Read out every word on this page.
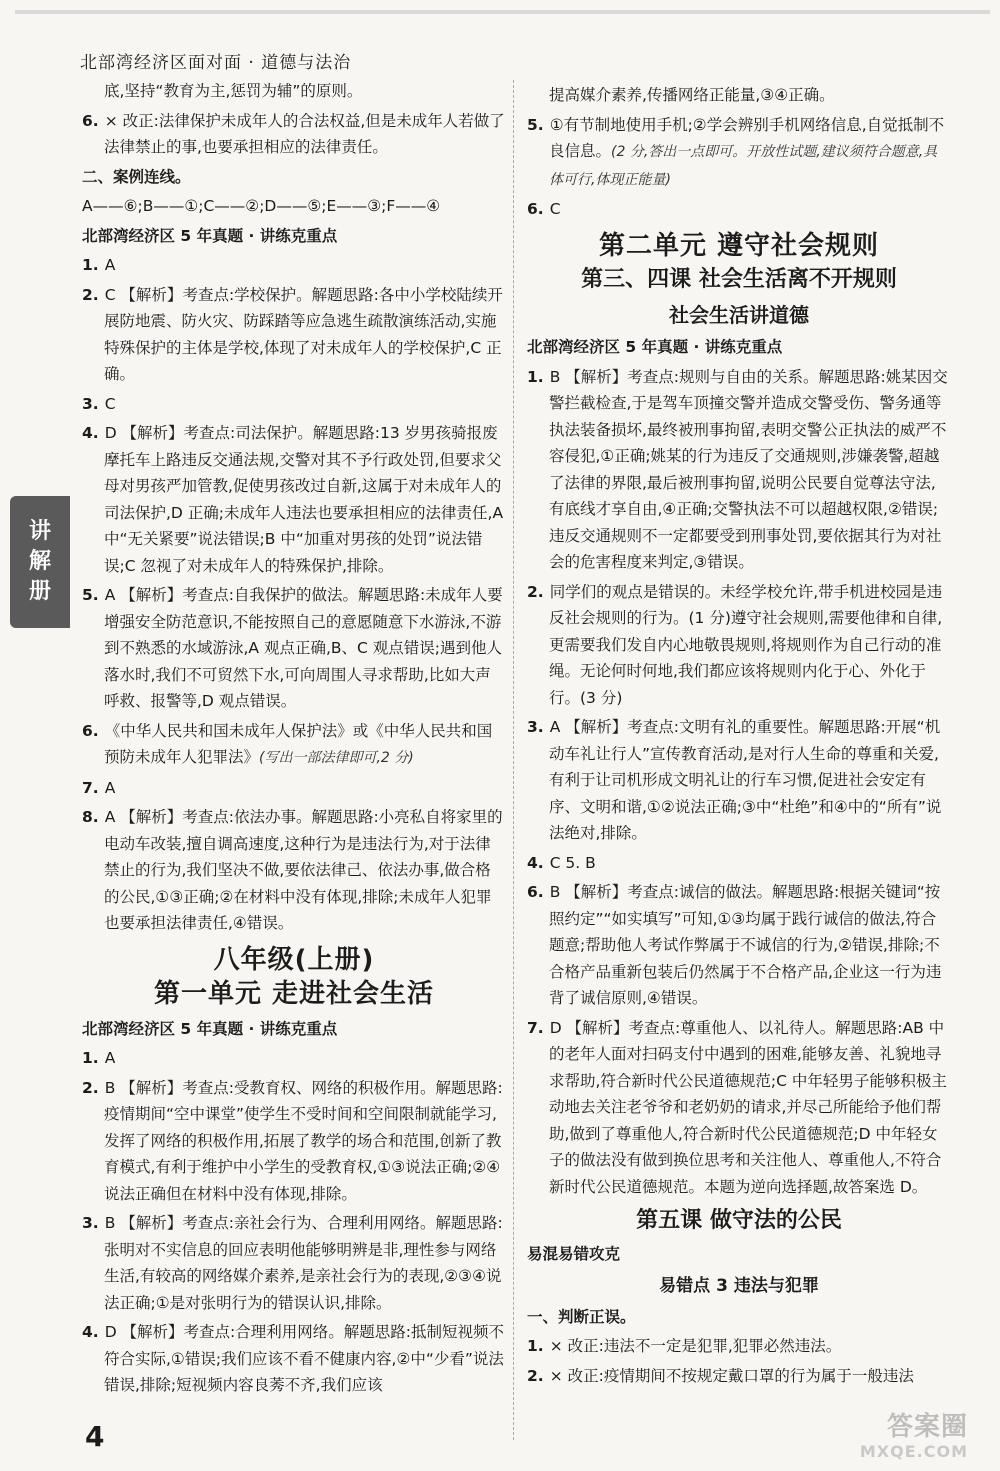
北部湾经济区面对面 · 道德与法治
讲
解
册
底,坚持“教育为主,惩罚为辅”的原则。
6. × 改正:法律保护未成年人的合法权益,但是未成年人若做了法律禁止的事,也要承担相应的法律责任。
二、案例连线。
A——⑥;B——①;C——②;D——⑤;E——③;F——④
北部湾经济区 5 年真题 · 讲练克重点
1. A
2. C 【解析】考查点:学校保护。解题思路:各中小学校陆续开展防地震、防火灾、防踩踏等应急逃生疏散演练活动,实施特殊保护的主体是学校,体现了对未成年人的学校保护,C 正确。
3. C
4. D 【解析】考查点:司法保护。解题思路:13 岁男孩骑报废摩托车上路违反交通法规,交警对其不予行政处罚,但要求父母对男孩严加管教,促使男孩改过自新,这属于对未成年人的司法保护,D 正确;未成年人违法也要承担相应的法律责任,A 中“无关紧要”说法错误;B 中“加重对男孩的处罚”说法错误;C 忽视了对未成年人的特殊保护,排除。
5. A 【解析】考查点:自我保护的做法。解题思路:未成年人要增强安全防范意识,不能按照自己的意愿随意下水游泳,不游到不熟悉的水域游泳,A 观点正确,B、C 观点错误;遇到他人落水时,我们不可贸然下水,可向周围人寻求帮助,比如大声呼救、报警等,D 观点错误。
6. 《中华人民共和国未成年人保护法》或《中华人民共和国预防未成年人犯罪法》(写出一部法律即可,2 分)
7. A
8. A 【解析】考查点:依法办事。解题思路:小亮私自将家里的电动车改装,擅自调高速度,这种行为是违法行为,对于法律禁止的行为,我们坚决不做,要依法律己、依法办事,做合格的公民,①③正确;②在材料中没有体现,排除;未成年人犯罪也要承担法律责任,④错误。
八年级(上册)
第一单元 走进社会生活
北部湾经济区 5 年真题 · 讲练克重点
1. A
2. B 【解析】考查点:受教育权、网络的积极作用。解题思路:疫情期间“空中课堂”使学生不受时间和空间限制就能学习,发挥了网络的积极作用,拓展了教学的场合和范围,创新了教育模式,有利于维护中小学生的受教育权,①③说法正确;②④说法正确但在材料中没有体现,排除。
3. B 【解析】考查点:亲社会行为、合理利用网络。解题思路:张明对不实信息的回应表明他能够明辨是非,理性参与网络生活,有较高的网络媒介素养,是亲社会行为的表现,②③④说法正确;①是对张明行为的错误认识,排除。
4. D 【解析】考查点:合理利用网络。解题思路:抵制短视频不符合实际,①错误;我们应该不看不健康内容,②中“少看”说法错误,排除;短视频内容良莠不齐,我们应该
提高媒介素养,传播网络正能量,③④正确。
5. ①有节制地使用手机;②学会辨别手机网络信息,自觉抵制不良信息。(2 分,答出一点即可。开放性试题,建议须符合题意,具体可行,体现正能量)
6. C
第二单元 遵守社会规则
第三、四课 社会生活离不开规则
社会生活讲道德
北部湾经济区 5 年真题 · 讲练克重点
1. B 【解析】考查点:规则与自由的关系。解题思路:姚某因交警拦截检查,于是驾车顶撞交警并造成交警受伤、警务通等执法装备损坏,最终被刑事拘留,表明交警公正执法的威严不容侵犯,①正确;姚某的行为违反了交通规则,涉嫌袭警,超越了法律的界限,最后被刑事拘留,说明公民要自觉尊法守法,有底线才享自由,④正确;交警执法不可以超越权限,②错误;违反交通规则不一定都要受到刑事处罚,要依据其行为对社会的危害程度来判定,③错误。
2. 同学们的观点是错误的。未经学校允许,带手机进校园是违反社会规则的行为。(1 分)遵守社会规则,需要他律和自律,更需要我们发自内心地敬畏规则,将规则作为自己行动的准绳。无论何时何地,我们都应该将规则内化于心、外化于行。(3 分)
3. A 【解析】考查点:文明有礼的重要性。解题思路:开展“机动车礼让行人”宣传教育活动,是对行人生命的尊重和关爱,有利于让司机形成文明礼让的行车习惯,促进社会安定有序、文明和谐,①②说法正确;③中“杜绝”和④中的“所有”说法绝对,排除。
4. C 5. B
6. B 【解析】考查点:诚信的做法。解题思路:根据关键词“按照约定”“如实填写”可知,①③均属于践行诚信的做法,符合题意;帮助他人考试作弊属于不诚信的行为,②错误,排除;不合格产品重新包装后仍然属于不合格产品,企业这一行为违背了诚信原则,④错误。
7. D 【解析】考查点:尊重他人、以礼待人。解题思路:AB 中的老年人面对扫码支付中遇到的困难,能够友善、礼貌地寻求帮助,符合新时代公民道德规范;C 中年轻男子能够积极主动地去关注老爷爷和老奶奶的请求,并尽己所能给予他们帮助,做到了尊重他人,符合新时代公民道德规范;D 中年轻女子的做法没有做到换位思考和关注他人、尊重他人,不符合新时代公民道德规范。本题为逆向选择题,故答案选 D。
第五课 做守法的公民
易混易错攻克
易错点 3 违法与犯罪
一、判断正误。
1. × 改正:违法不一定是犯罪,犯罪必然违法。
2. × 改正:疫情期间不按规定戴口罩的行为属于一般违法
4	答案圈
MXQE.COM
